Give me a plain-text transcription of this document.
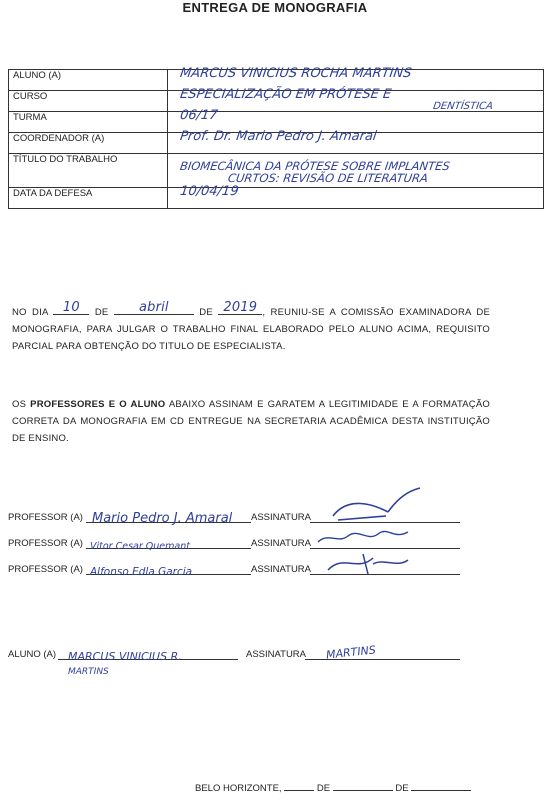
ENTREGA DE MONOGRAFIA
ALUNO (A)	MARCUS VINICIUS ROCHA MARTINS

CURSO	ESPECIALIZAÇÃO EM PRÓTESE E
DENTÍSTICA

TURMA	06/17

COORDENADOR (A)	Prof. Dr. Mario Pedro J. Amaral

TÍTULO DO TRABALHO	BIOMECÂNICA DA PRÓTESE SOBRE IMPLANTES
CURTOS: REVISÃO DE LITERATURA

DATA DA DEFESA	10/04/19
NO DIA	10	DE	abril	DE 2019 , REUNIU-SE A COMISSÃO EXAMINADORA DE MONOGRAFIA, PARA JULGAR O TRABALHO FINAL ELABORADO PELO ALUNO ACIMA, REQUISITO PARCIAL PARA OBTENÇÃO DO TITULO DE ESPECIALISTA.
OS PROFESSORES E O ALUNO ABAIXO ASSINAM E GARATEM A LEGITIMIDADE E A FORMATAÇÃO CORRETA DA MONOGRAFIA EM CD ENTREGUE NA SECRETARIA ACADÊMICA DESTA INSTITUIÇÃO DE ENSINO.
PROFESSOR (A) Mario Pedro J. Amaral ASSINATURA
PROFESSOR (A) Vitor Cesar Quemant	ASSINATURA
PROFESSOR (A) Alfonso Edla Garcia	ASSINATURA
ALUNO (A) MARCUS VINICIUS R.
MARTINS
ASSINATURA MARTINS
BELO HORIZONTE,	DE	DE
